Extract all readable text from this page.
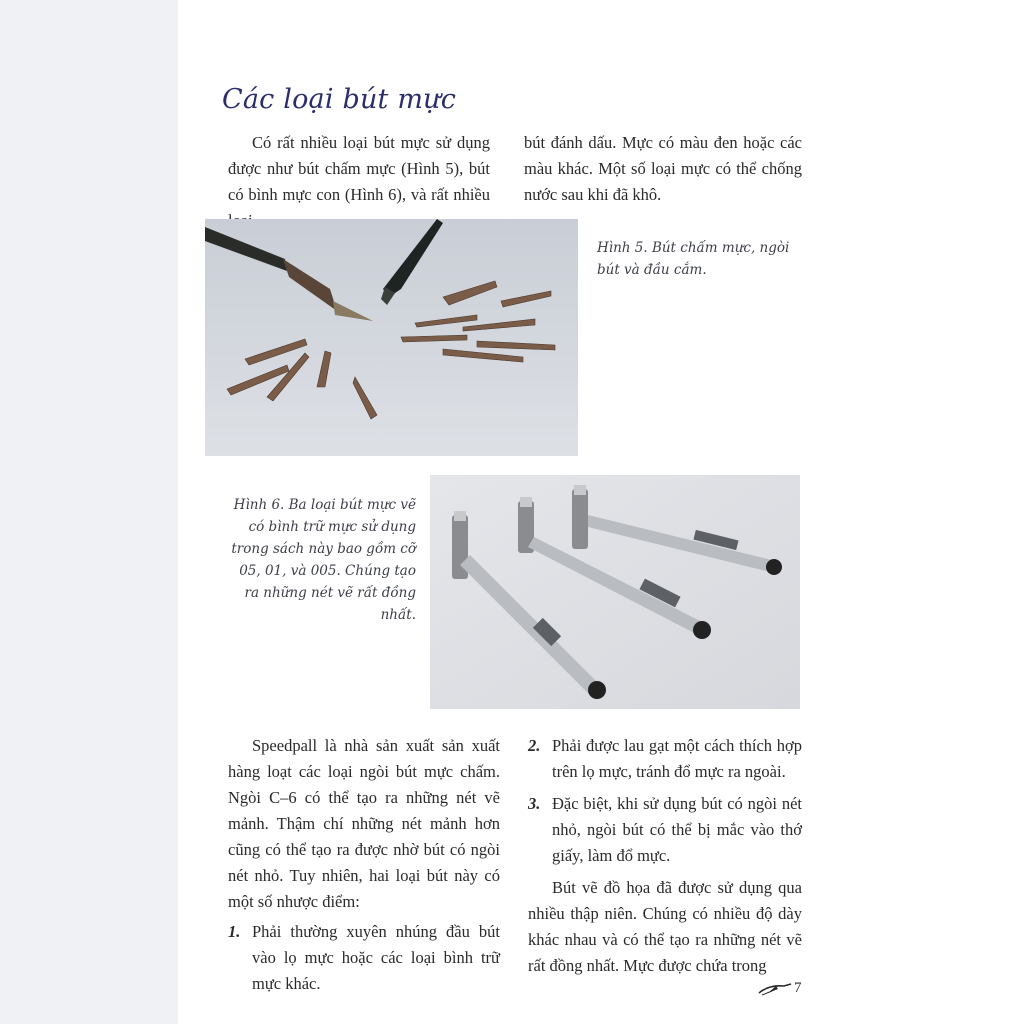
Các loại bút mực

Có rất nhiều loại bút mực sử dụng được như bút chấm mực (Hình 5), bút có bình mực con (Hình 6), và rất nhiều

bút đánh dấu. Mực có màu đen hoặc các màu khác. Một số loại mực có thể chống nước sau khi đã khô.

Hình 5. Bút chấm mực, ngòi bút và đầu cắm.
Hình 6. Ba loại bút mực vẽ có bình trữ mực sử dụng trong sách này bao gồm cỡ 05, 01, và 005. Chúng tạo ra những nét vẽ rất đồng nhất.

Speedpall là nhà sản xuất sản xuất hàng loạt các loại ngòi bút mực chấm. Ngòi C–6 có thể tạo ra những nét vẽ mảnh. Thậm chí những nét mảnh hơn cũng có thể tạo ra được nhờ bút có ngòi nét nhỏ. Tuy nhiên, hai loại bút này có một số nhược điểm:

1. Phải thường xuyên nhúng đầu bút vào lọ mực hoặc các loại bình trữ mực khác.
2. Phải được lau gạt một cách thích hợp trên lọ mực, tránh đổ mực ra ngoài.
3. Đặc biệt, khi sử dụng bút có ngòi nét nhỏ, ngòi bút có thể bị mắc vào thớ giấy, làm đổ mực.

Bút vẽ đồ họa đã được sử dụng qua nhiều thập niên. Chúng có nhiều độ dày khác nhau và có thể tạo ra những nét vẽ rất đồng nhất. Mực được chứa trong

7
